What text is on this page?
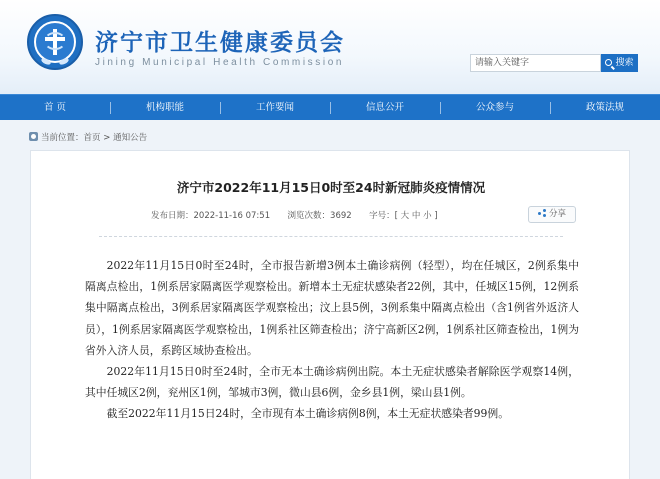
济宁市卫生健康委员会
Jining Municipal Health Commission
请输入关键字	搜索
首 页	机构职能	工作要闻	信息公开	公众参与	政策法规
当前位置：首页 > 通知公告
济宁市2022年11月15日0时至24时新冠肺炎疫情情况
发布日期：2022-11-16 07:51 浏览次数：3692 字号：[ 大 中 小 ]	分享

2022年11月15日0时至24时，全市报告新增3例本土确诊病例（轻型），均在任城区，2例系集中隔离点检出，1例系居家隔离医学观察检出。新增本土无症状感染者22例，其中，任城区15例，12例系集中隔离点检出，3例系居家隔离医学观察检出；汶上县5例，3例系集中隔离点检出（含1例省外返济人员），1例系居家隔离医学观察检出，1例系社区筛查检出；济宁高新区2例，1例系社区筛查检出，1例为省外入济人员，系跨区域协查检出。

2022年11月15日0时至24时，全市无本土确诊病例出院。本土无症状感染者解除医学观察14例，其中任城区2例，兖州区1例，邹城市3例，微山县6例，金乡县1例，梁山县1例。

截至2022年11月15日24时，全市现有本土确诊病例8例，本土无症状感染者99例。
